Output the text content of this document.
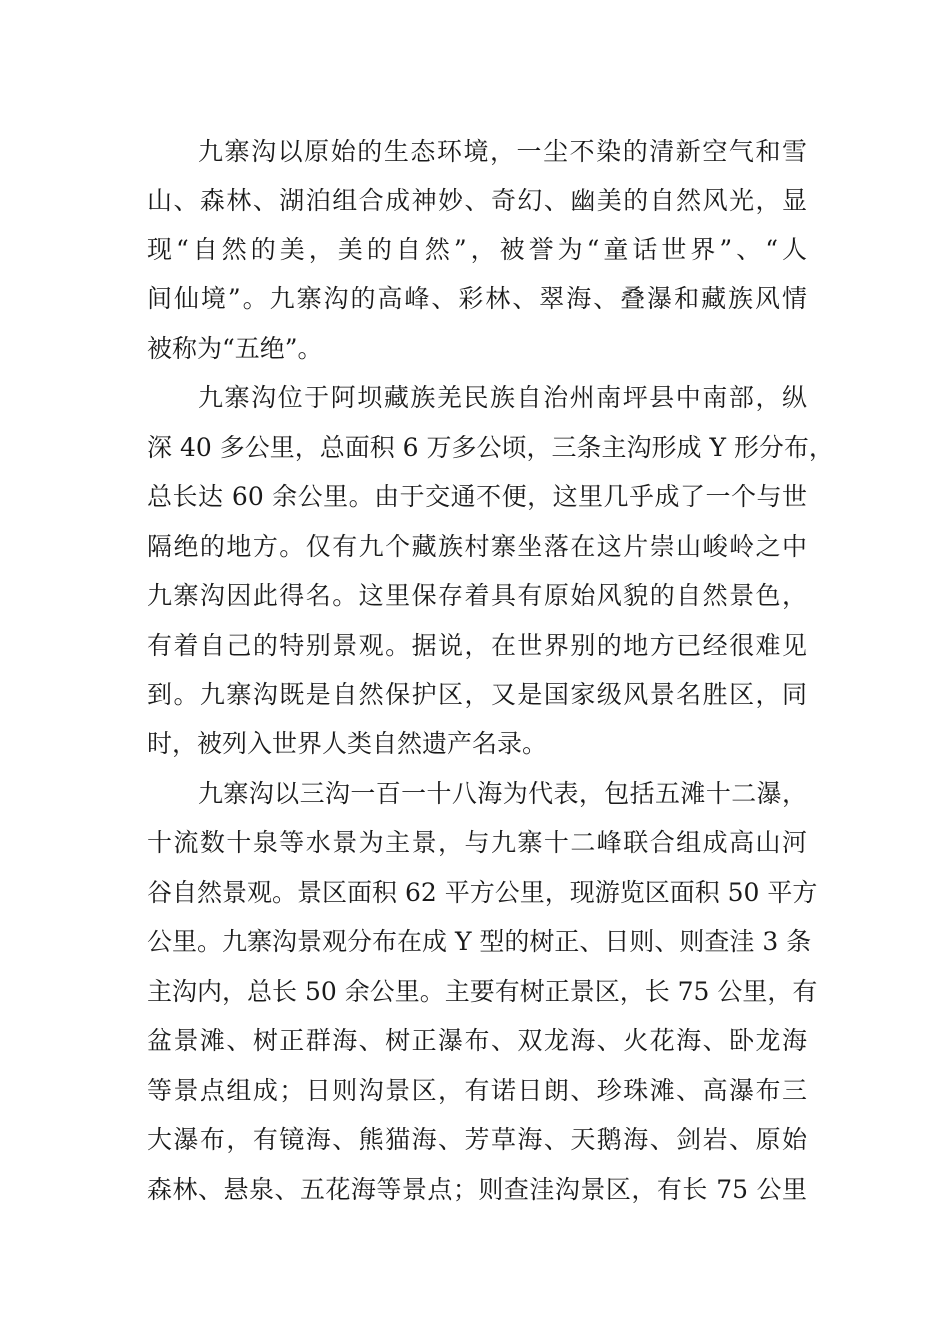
九寨沟以原始的生态环境，一尘不染的清新空气和雪
山、森林、湖泊组合成神妙、奇幻、幽美的自然风光，显
现“自然的美，美的自然”，被誉为“童话世界”、“人
间仙境”。九寨沟的高峰、彩林、翠海、叠瀑和藏族风情
被称为“五绝”。
九寨沟位于阿坝藏族羌民族自治州南坪县中南部，纵
深 40 多公里，总面积 6 万多公顷，三条主沟形成 Y 形分布，
总长达 60 余公里。由于交通不便，这里几乎成了一个与世
隔绝的地方。仅有九个藏族村寨坐落在这片崇山峻岭之中
九寨沟因此得名。这里保存着具有原始风貌的自然景色，
有着自己的特别景观。据说，在世界别的地方已经很难见
到。九寨沟既是自然保护区，又是国家级风景名胜区，同
时，被列入世界人类自然遗产名录。
九寨沟以三沟一百一十八海为代表，包括五滩十二瀑，
十流数十泉等水景为主景，与九寨十二峰联合组成高山河
谷自然景观。景区面积 62 平方公里，现游览区面积 50 平方
公里。九寨沟景观分布在成 Y 型的树正、日则、则查洼 3 条
主沟内，总长 50 余公里。主要有树正景区，长 75 公里，有
盆景滩、树正群海、树正瀑布、双龙海、火花海、卧龙海
等景点组成；日则沟景区，有诺日朗、珍珠滩、高瀑布三
大瀑布，有镜海、熊猫海、芳草海、天鹅海、剑岩、原始
森林、悬泉、五花海等景点；则查洼沟景区，有长 75 公里
